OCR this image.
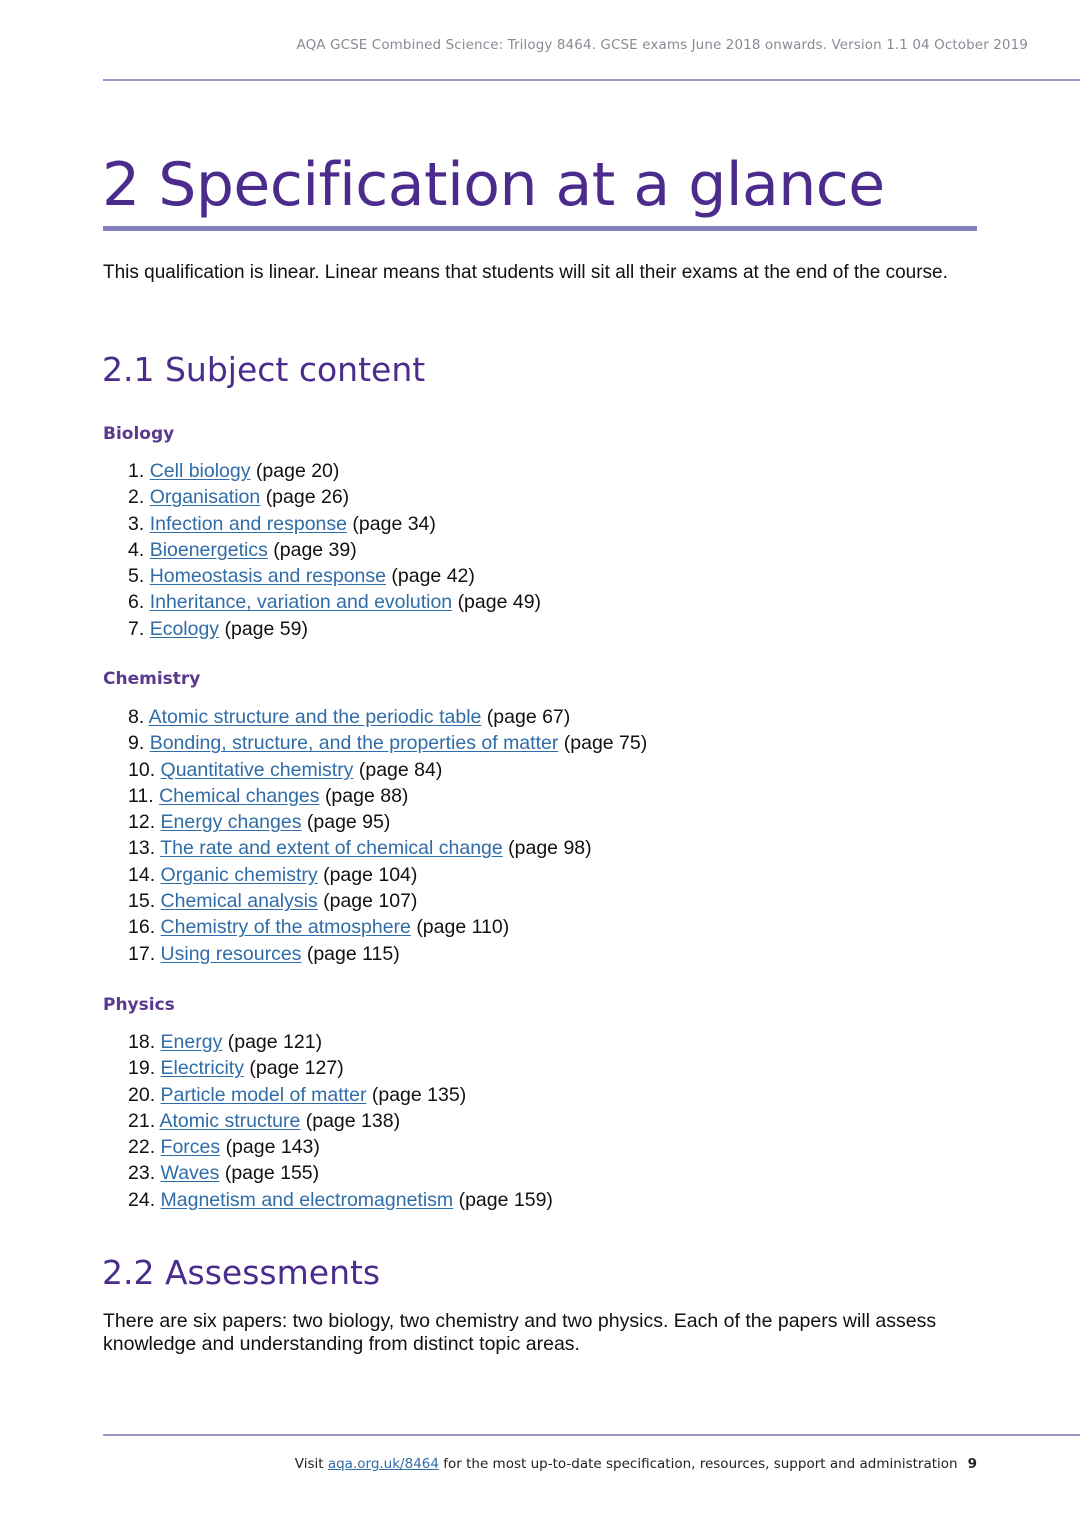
AQA GCSE Combined Science: Trilogy 8464. GCSE exams June 2018 onwards. Version 1.1 04 October 2019
2 Specification at a glance

This qualification is linear. Linear means that students will sit all their exams at the end of the course.

2.1 Subject content
Biology
1. Cell biology (page 20)
2. Organisation (page 26)
3. Infection and response (page 34)
4. Bioenergetics (page 39)
5. Homeostasis and response (page 42)
6. Inheritance, variation and evolution (page 49)
7. Ecology (page 59)
Chemistry
8. Atomic structure and the periodic table (page 67)
9. Bonding, structure, and the properties of matter (page 75)
10. Quantitative chemistry (page 84)
11. Chemical changes (page 88)
12. Energy changes (page 95)
13. The rate and extent of chemical change (page 98)
14. Organic chemistry (page 104)
15. Chemical analysis (page 107)
16. Chemistry of the atmosphere (page 110)
17. Using resources (page 115)
Physics
18. Energy (page 121)
19. Electricity (page 127)
20. Particle model of matter (page 135)
21. Atomic structure (page 138)
22. Forces (page 143)
23. Waves (page 155)
24. Magnetism and electromagnetism (page 159)
2.2 Assessments

There are six papers: two biology, two chemistry and two physics. Each of the papers will assess knowledge and understanding from distinct topic areas.

Visit aqa.org.uk/8464 for the most up-to-date specification, resources, support and administration 9
